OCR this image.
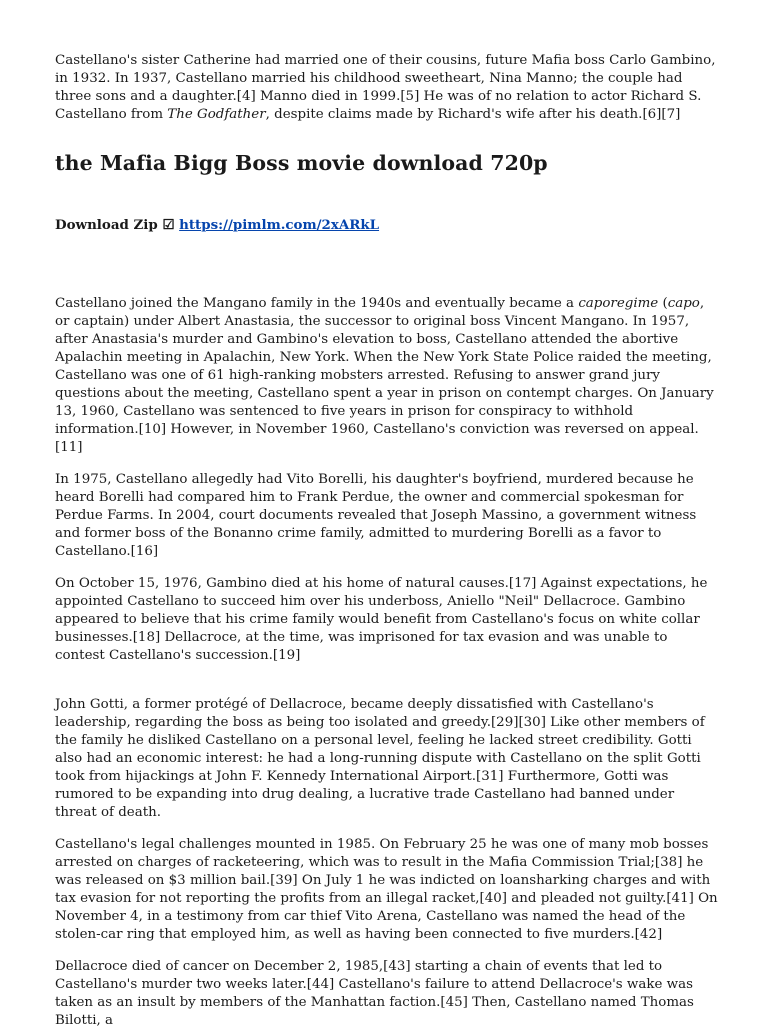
Castellano's sister Catherine had married one of their cousins, future Mafia boss Carlo Gambino, in 1932. In 1937, Castellano married his childhood sweetheart, Nina Manno; the couple had three sons and a daughter.[4] Manno died in 1999.[5] He was of no relation to actor Richard S. Castellano from The Godfather, despite claims made by Richard's wife after his death.[6][7]

the Mafia Bigg Boss movie download 720p
Download Zip ☑ https://pimlm.com/2xARkL

Castellano joined the Mangano family in the 1940s and eventually became a caporegime (capo, or captain) under Albert Anastasia, the successor to original boss Vincent Mangano. In 1957, after Anastasia's murder and Gambino's elevation to boss, Castellano attended the abortive Apalachin meeting in Apalachin, New York. When the New York State Police raided the meeting, Castellano was one of 61 high-ranking mobsters arrested. Refusing to answer grand jury questions about the meeting, Castellano spent a year in prison on contempt charges. On January 13, 1960, Castellano was sentenced to five years in prison for conspiracy to withhold information.[10] However, in November 1960, Castellano's conviction was reversed on appeal.[11]

In 1975, Castellano allegedly had Vito Borelli, his daughter's boyfriend, murdered because he heard Borelli had compared him to Frank Perdue, the owner and commercial spokesman for Perdue Farms. In 2004, court documents revealed that Joseph Massino, a government witness and former boss of the Bonanno crime family, admitted to murdering Borelli as a favor to Castellano.[16]

On October 15, 1976, Gambino died at his home of natural causes.[17] Against expectations, he appointed Castellano to succeed him over his underboss, Aniello "Neil" Dellacroce. Gambino appeared to believe that his crime family would benefit from Castellano's focus on white collar businesses.[18] Dellacroce, at the time, was imprisoned for tax evasion and was unable to contest Castellano's succession.[19]

John Gotti, a former protégé of Dellacroce, became deeply dissatisfied with Castellano's leadership, regarding the boss as being too isolated and greedy.[29][30] Like other members of the family he disliked Castellano on a personal level, feeling he lacked street credibility. Gotti also had an economic interest: he had a long-running dispute with Castellano on the split Gotti took from hijackings at John F. Kennedy International Airport.[31] Furthermore, Gotti was rumored to be expanding into drug dealing, a lucrative trade Castellano had banned under threat of death.

Castellano's legal challenges mounted in 1985. On February 25 he was one of many mob bosses arrested on charges of racketeering, which was to result in the Mafia Commission Trial;[38] he was released on $3 million bail.[39] On July 1 he was indicted on loansharking charges and with tax evasion for not reporting the profits from an illegal racket,[40] and pleaded not guilty.[41] On November 4, in a testimony from car thief Vito Arena, Castellano was named the head of the stolen-car ring that employed him, as well as having been connected to five murders.[42]

Dellacroce died of cancer on December 2, 1985,[43] starting a chain of events that led to Castellano's murder two weeks later.[44] Castellano's failure to attend Dellacroce's wake was taken as an insult by members of the Manhattan faction.[45] Then, Castellano named Thomas Bilotti, a
